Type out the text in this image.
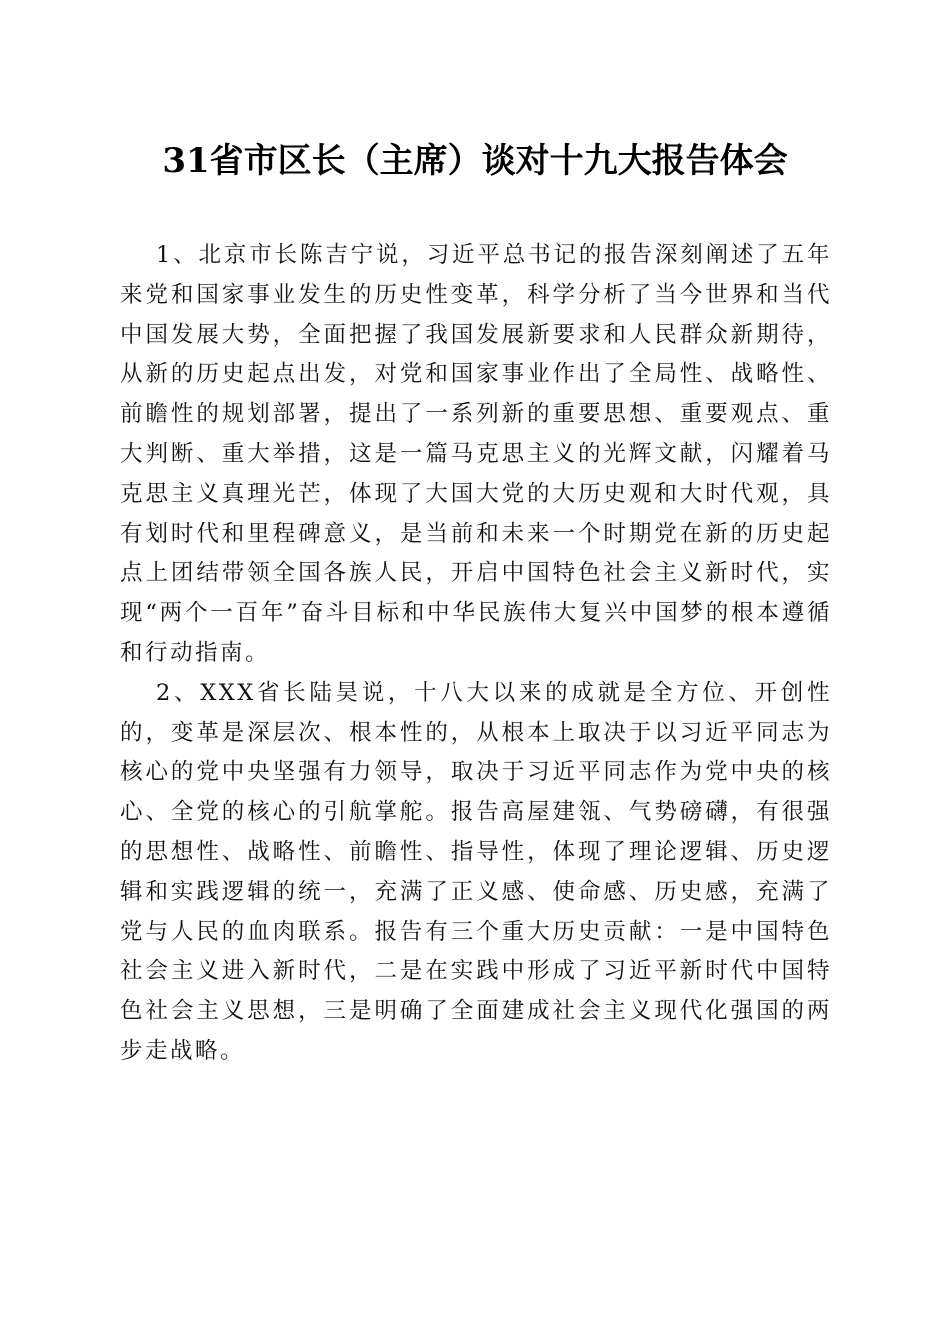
31省市区长（主席）谈对十九大报告体会

1、北京市长陈吉宁说，习近平总书记的报告深刻阐述了五年来党和国家事业发生的历史性变革，科学分析了当今世界和当代中国发展大势，全面把握了我国发展新要求和人民群众新期待，从新的历史起点出发，对党和国家事业作出了全局性、战略性、前瞻性的规划部署，提出了一系列新的重要思想、重要观点、重大判断、重大举措，这是一篇马克思主义的光辉文献，闪耀着马克思主义真理光芒，体现了大国大党的大历史观和大时代观，具有划时代和里程碑意义，是当前和未来一个时期党在新的历史起点上团结带领全国各族人民，开启中国特色社会主义新时代，实现“两个一百年”奋斗目标和中华民族伟大复兴中国梦的根本遵循和行动指南。

2、XXX省长陆昊说，十八大以来的成就是全方位、开创性的，变革是深层次、根本性的，从根本上取决于以习近平同志为核心的党中央坚强有力领导，取决于习近平同志作为党中央的核心、全党的核心的引航掌舵。报告高屋建瓴、气势磅礴，有很强的思想性、战略性、前瞻性、指导性，体现了理论逻辑、历史逻辑和实践逻辑的统一，充满了正义感、使命感、历史感，充满了党与人民的血肉联系。报告有三个重大历史贡献：一是中国特色社会主义进入新时代，二是在实践中形成了习近平新时代中国特色社会主义思想，三是明确了全面建成社会主义现代化强国的两步走战略。
